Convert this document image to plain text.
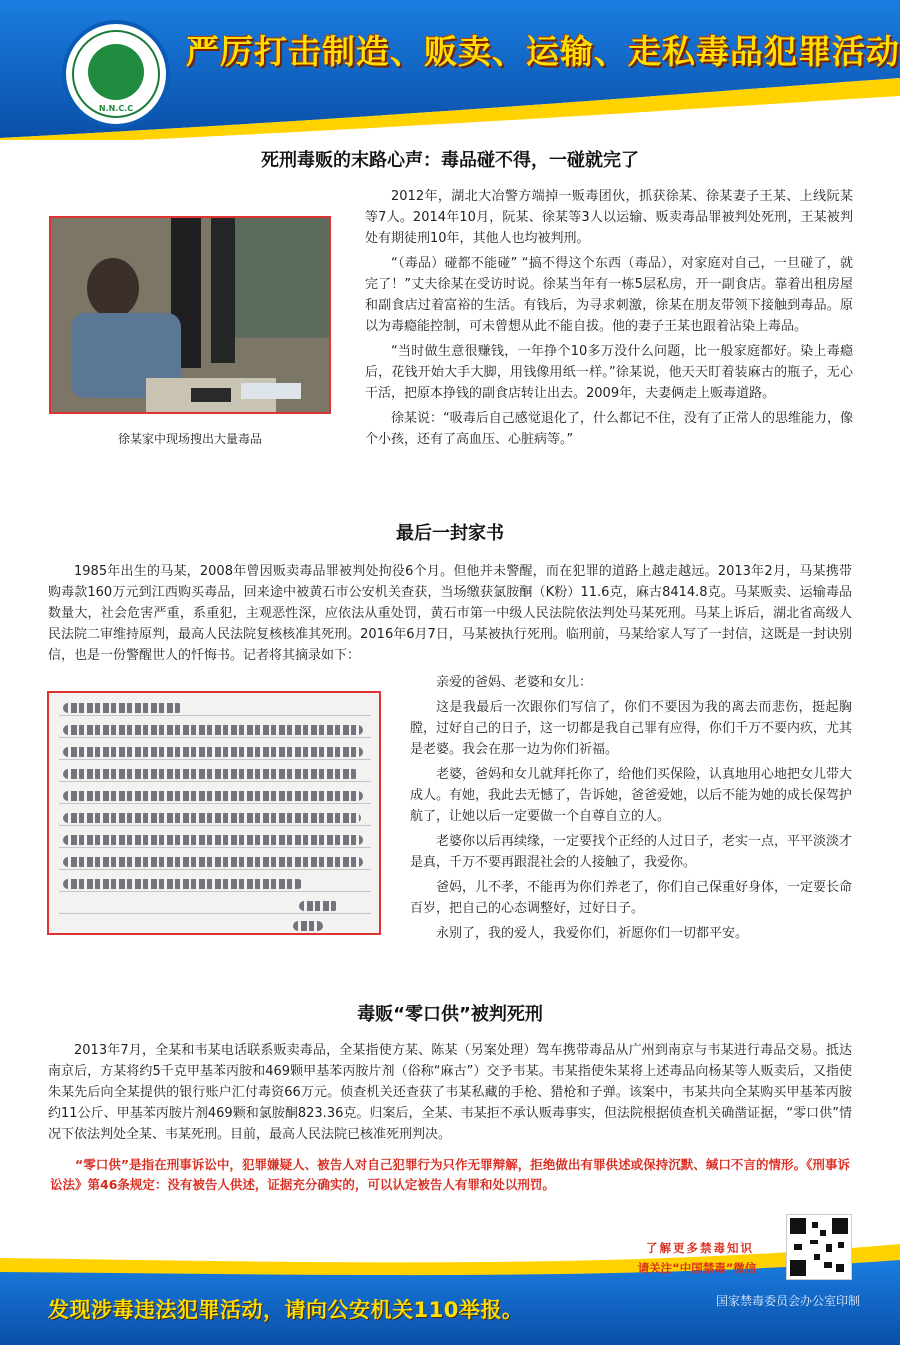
N.N.C.C
严厉打击制造、贩卖、运输、走私毒品犯罪活动
死刑毒贩的末路心声：毒品碰不得，一碰就完了
徐某家中现场搜出大量毒品

2012年，湖北大冶警方端掉一贩毒团伙，抓获徐某、徐某妻子王某、上线阮某等7人。2014年10月，阮某、徐某等3人以运输、贩卖毒品罪被判处死刑，王某被判处有期徒刑10年，其他人也均被判刑。

“（毒品）碰都不能碰” “搞不得这个东西（毒品），对家庭对自己，一旦碰了，就完了！”丈夫徐某在受访时说。徐某当年有一栋5层私房，开一副食店。靠着出租房屋和副食店过着富裕的生活。有钱后，为寻求刺激，徐某在朋友带领下接触到毒品。原以为毒瘾能控制，可未曾想从此不能自拔。他的妻子王某也跟着沾染上毒品。

“当时做生意很赚钱，一年挣个10多万没什么问题，比一般家庭都好。染上毒瘾后，花钱开始大手大脚，用钱像用纸一样。”徐某说，他天天盯着装麻古的瓶子，无心干活，把原本挣钱的副食店转让出去。2009年，夫妻俩走上贩毒道路。

徐某说：“吸毒后自己感觉退化了，什么都记不住，没有了正常人的思维能力，像个小孩，还有了高血压、心脏病等。”

最后一封家书

1985年出生的马某，2008年曾因贩卖毒品罪被判处拘役6个月。但他并未警醒，而在犯罪的道路上越走越远。2013年2月，马某携带购毒款160万元到江西购买毒品，回来途中被黄石市公安机关查获，当场缴获氯胺酮（K粉）11.6克，麻古8414.8克。马某贩卖、运输毒品数量大，社会危害严重，系重犯，主观恶性深，应依法从重处罚，黄石市第一中级人民法院依法判处马某死刑。马某上诉后，湖北省高级人民法院二审维持原判，最高人民法院复核核准其死刑。2016年6月7日，马某被执行死刑。临刑前，马某给家人写了一封信，这既是一封诀别信，也是一份警醒世人的忏悔书。记者将其摘录如下：

亲爱的爸妈、老婆和女儿：

这是我最后一次跟你们写信了，你们不要因为我的离去而悲伤，挺起胸膛，过好自己的日子，这一切都是我自己罪有应得，你们千万不要内疚，尤其是老婆。我会在那一边为你们祈福。

老婆，爸妈和女儿就拜托你了，给他们买保险，认真地用心地把女儿带大成人。有她，我此去无憾了，告诉她，爸爸爱她，以后不能为她的成长保驾护航了，让她以后一定要做一个自尊自立的人。

老婆你以后再续缘，一定要找个正经的人过日子，老实一点，平平淡淡才是真，千万不要再跟混社会的人接触了，我爱你。

爸妈，儿不孝，不能再为你们养老了，你们自己保重好身体，一定要长命百岁，把自己的心态调整好，过好日子。

永别了，我的爱人，我爱你们，祈愿你们一切都平安。

毒贩“零口供”被判死刑

2013年7月，全某和韦某电话联系贩卖毒品，全某指使方某、陈某（另案处理）驾车携带毒品从广州到南京与韦某进行毒品交易。抵达南京后，方某将约5千克甲基苯丙胺和469颗甲基苯丙胺片剂（俗称“麻古”）交予韦某。韦某指使朱某将上述毒品向杨某等人贩卖后，又指使朱某先后向全某提供的银行账户汇付毒资66万元。侦查机关还查获了韦某私藏的手枪、猎枪和子弹。该案中，韦某共向全某购买甲基苯丙胺约11公斤、甲基苯丙胺片剂469颗和氯胺酮823.36克。归案后，全某、韦某拒不承认贩毒事实，但法院根据侦查机关确凿证据，“零口供”情况下依法判处全某、韦某死刑。目前，最高人民法院已核准死刑判决。

“零口供”是指在刑事诉讼中，犯罪嫌疑人、被告人对自己犯罪行为只作无罪辩解，拒绝做出有罪供述或保持沉默、缄口不言的情形。《刑事诉讼法》第46条规定：没有被告人供述，证据充分确实的，可以认定被告人有罪和处以刑罚。

了解更多禁毒知识
请关注“中国禁毒”微信
发现涉毒违法犯罪活动，请向公安机关110举报。	国家禁毒委员会办公室印制
